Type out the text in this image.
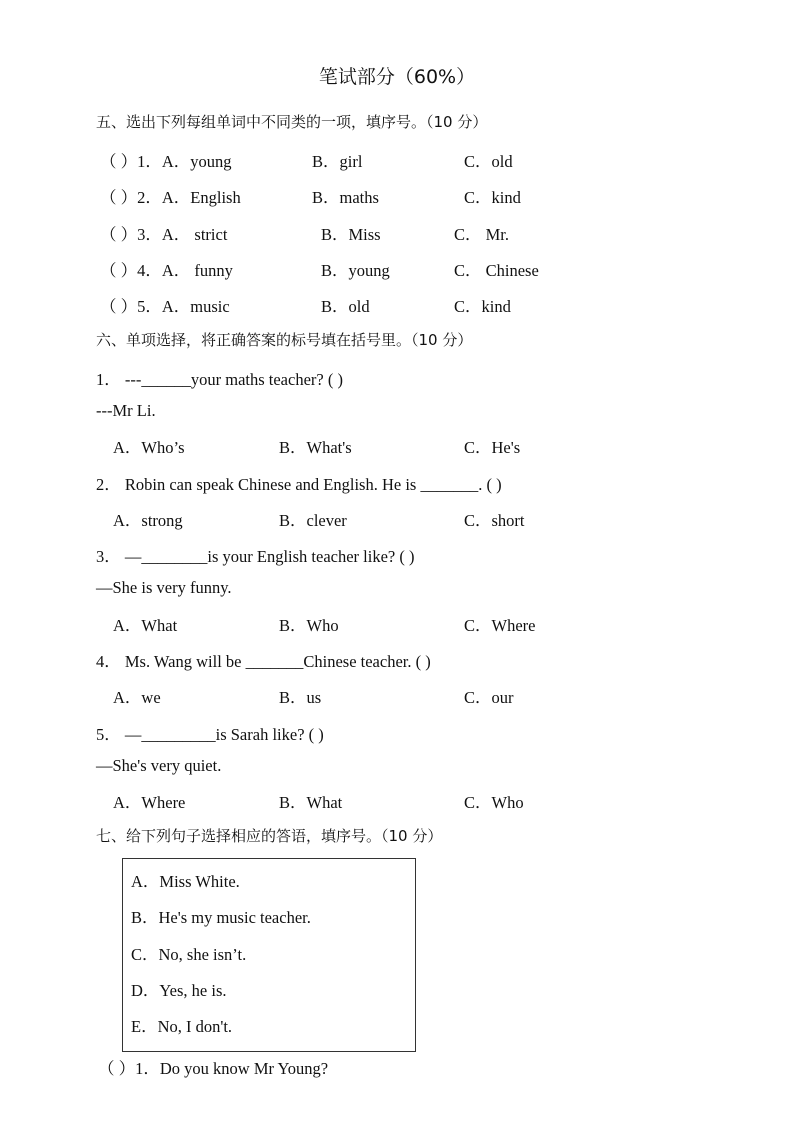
笔试部分（60%）
五、选出下列每组单词中不同类的一项，填序号。（10 分）
（ ）1．A．young	B．girl	C．old
（ ）2．A．English	B．maths	C．kind
（ ）3．A． strict	B．Miss	C． Mr.
（ ）4．A． funny	B．young	C． Chinese
（ ）5．A．music	B．old	C．kind
六、单项选择，将正确答案的标号填在括号里。（10 分）
1． ---______your maths teacher? ( )
---Mr Li.
A．Who’s	B．What's	C．He's
2． Robin can speak Chinese and English. He is _______. ( )
A．strong	B．clever	C．short
3． —________is your English teacher like? ( )
—She is very funny.
A．What	B．Who	C．Where
4． Ms. Wang will be _______Chinese teacher. ( )
A．we	B．us	C．our
5． —_________is Sarah like? ( )
—She's very quiet.
A．Where	B．What	C．Who
七、给下列句子选择相应的答语，填序号。（10 分）
A．Miss White.
B．He's my music teacher.
C．No, she isn’t.
D．Yes, he is.
E．No, I don't.
（ ）1．Do you know Mr Young?
